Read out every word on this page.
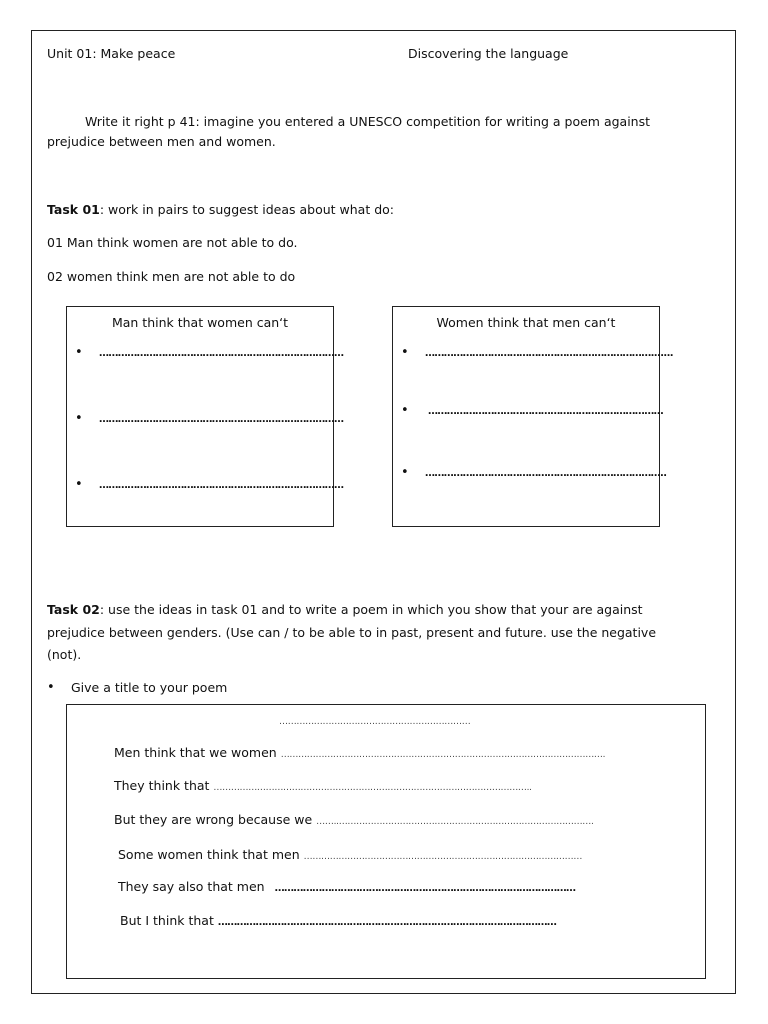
Unit 01: Make peace	Discovering the language
Write it right p 41: imagine you entered a UNESCO competition for writing a poem against
prejudice between men and women.
Task 01: work in pairs to suggest ideas about what do:
01 Man think women are not able to do.
02 women think men are not able to do
Man think that women can‘t
• ……………………………………………………………………
• ……………………………………………………………………
• ……………………………………………………………………
Women think that men can‘t
• ……………………………………………………………….......
• …………………………………………………………………
• …………………………………………………………………..
Task 02: use the ideas in task 01 and to write a poem in which you show that your are against
prejudice between genders. (Use can / to be able to in past, present and future. use the negative
(not).
• Give a title to your poem
…………………………………………………………
Men think that we women ………………………………………………………………………………………………….
They think that ………………………………………………………………………………………………..
But they are wrong because we ……..…………………………………………………………………………….
Some women think that men ……………………………………………………………………………………
They say also that men ……………………………………………………………………………………
But I think that ………………………………………………………………………………………………
